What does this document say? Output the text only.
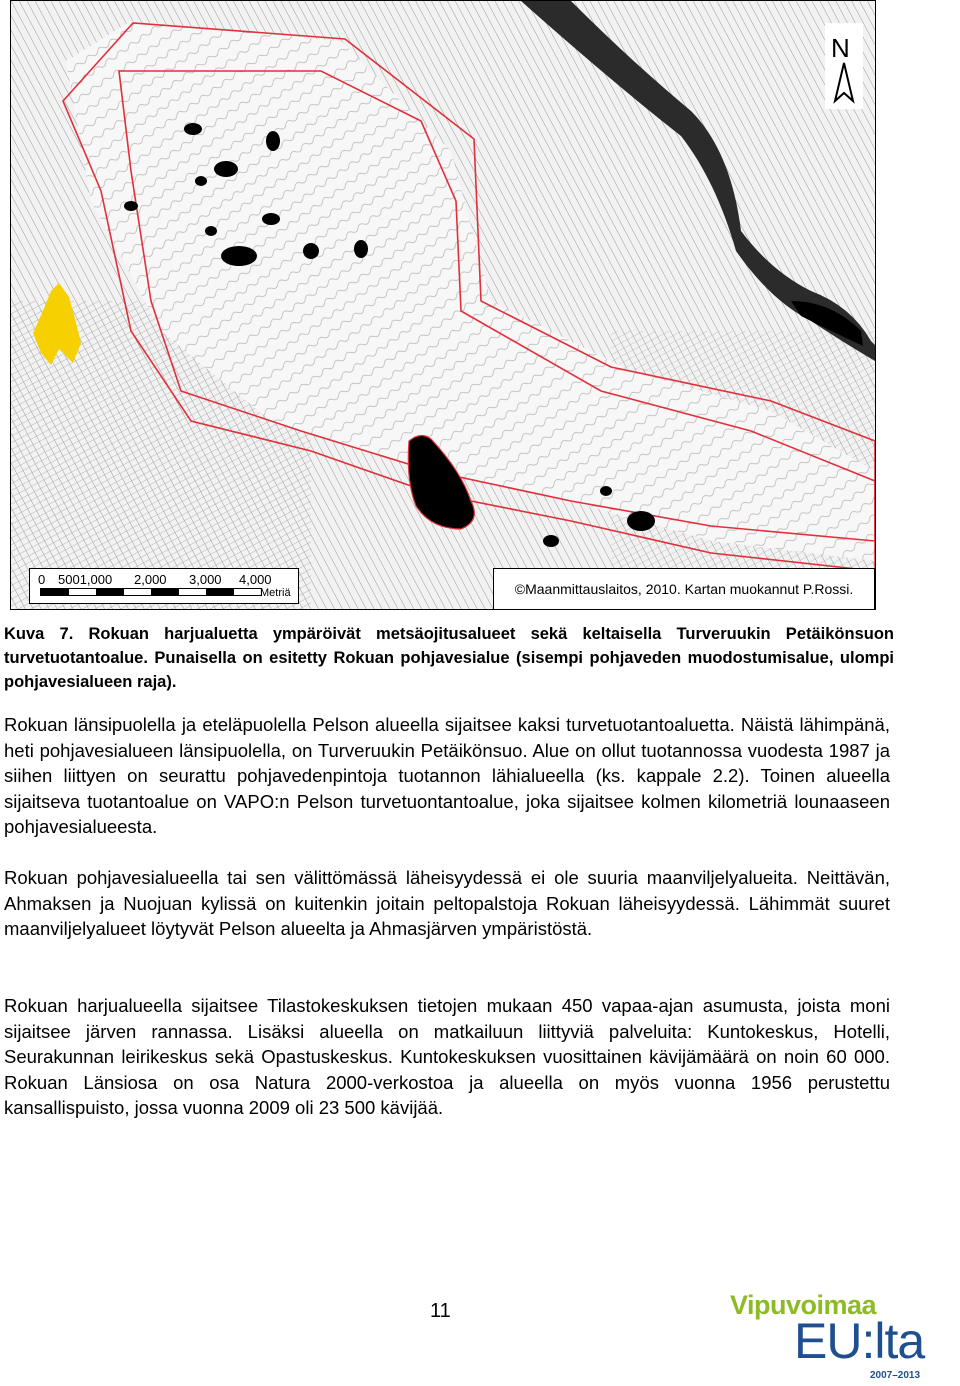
N
0 5001,000 2,000 3,000 4,000
Metriä	©Maanmittauslaitos, 2010. Kartan muokannut P.Rossi.
Kuva 7. Rokuan harjualuetta ympäröivät metsäojitusalueet sekä keltaisella Turveruukin Petäikönsuon turvetuotantoalue. Punaisella on esitetty Rokuan pohjavesialue (sisempi pohjaveden muodostumisalue, ulompi pohjavesialueen raja).

Rokuan länsipuolella ja eteläpuolella Pelson alueella sijaitsee kaksi turvetuotantoaluetta. Näistä lähimpänä, heti pohjavesialueen länsipuolella, on Turveruukin Petäikönsuo. Alue on ollut tuotannossa vuodesta 1987 ja siihen liittyen on seurattu pohjavedenpintoja tuotannon lähialueella (ks. kappale 2.2). Toinen alueella sijaitseva tuotantoalue on VAPO:n Pelson turvetuontantoalue, joka sijaitsee kolmen kilometriä lounaaseen pohjavesialueesta.

Rokuan pohjavesialueella tai sen välittömässä läheisyydessä ei ole suuria maanviljelyalueita. Neittävän, Ahmaksen ja Nuojuan kylissä on kuitenkin joitain peltopalstoja Rokuan läheisyydessä. Lähimmät suuret maanviljelyalueet löytyvät Pelson alueelta ja Ahmasjärven ympäristöstä.

Rokuan harjualueella sijaitsee Tilastokeskuksen tietojen mukaan 450 vapaa-ajan asumusta, joista moni sijaitsee järven rannassa. Lisäksi alueella on matkailuun liittyviä palveluita: Kuntokeskus, Hotelli, Seurakunnan leirikeskus sekä Opastuskeskus. Kuntokeskuksen vuosittainen kävijämäärä on noin 60 000. Rokuan Länsiosa on osa Natura 2000-verkostoa ja alueella on myös vuonna 1956 perustettu kansallispuisto, jossa vuonna 2009 oli 23 500 kävijää.

11	Vipuvoimaa
EU:lta
2007–2013
